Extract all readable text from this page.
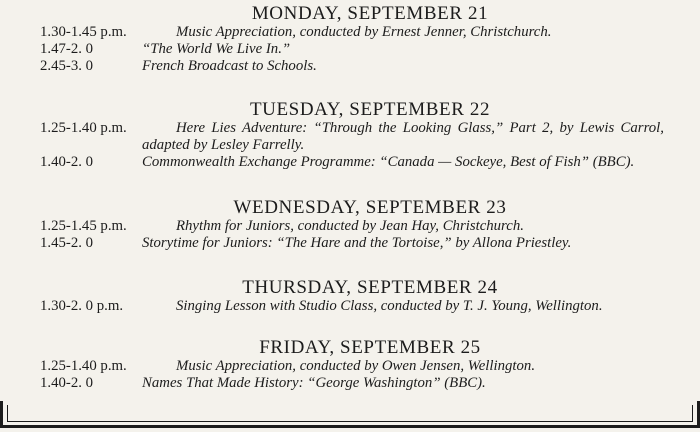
MONDAY, SEPTEMBER 21
1.30-1.45 p.m.	Music Appreciation, conducted by Ernest Jenner, Christchurch.
1.47-2. 0	“The World We Live In.”
2.45-3. 0	French Broadcast to Schools.
TUESDAY, SEPTEMBER 22
1.25-1.40 p.m.	Here Lies Adventure: “Through the Looking Glass,” Part 2, by Lewis Carrol, adapted by Lesley Farrelly.
1.40-2. 0	Commonwealth Exchange Programme: “Canada — Sockeye, Best of Fish” (BBC).
WEDNESDAY, SEPTEMBER 23
1.25-1.45 p.m.	Rhythm for Juniors, conducted by Jean Hay, Christchurch.
1.45-2. 0	Storytime for Juniors: “The Hare and the Tortoise,” by Allona Priestley.
THURSDAY, SEPTEMBER 24
1.30-2. 0 p.m.	Singing Lesson with Studio Class, conducted by T. J. Young, Wellington.
FRIDAY, SEPTEMBER 25
1.25-1.40 p.m.	Music Appreciation, conducted by Owen Jensen, Wellington.
1.40-2. 0	Names That Made History: “George Washington” (BBC).
